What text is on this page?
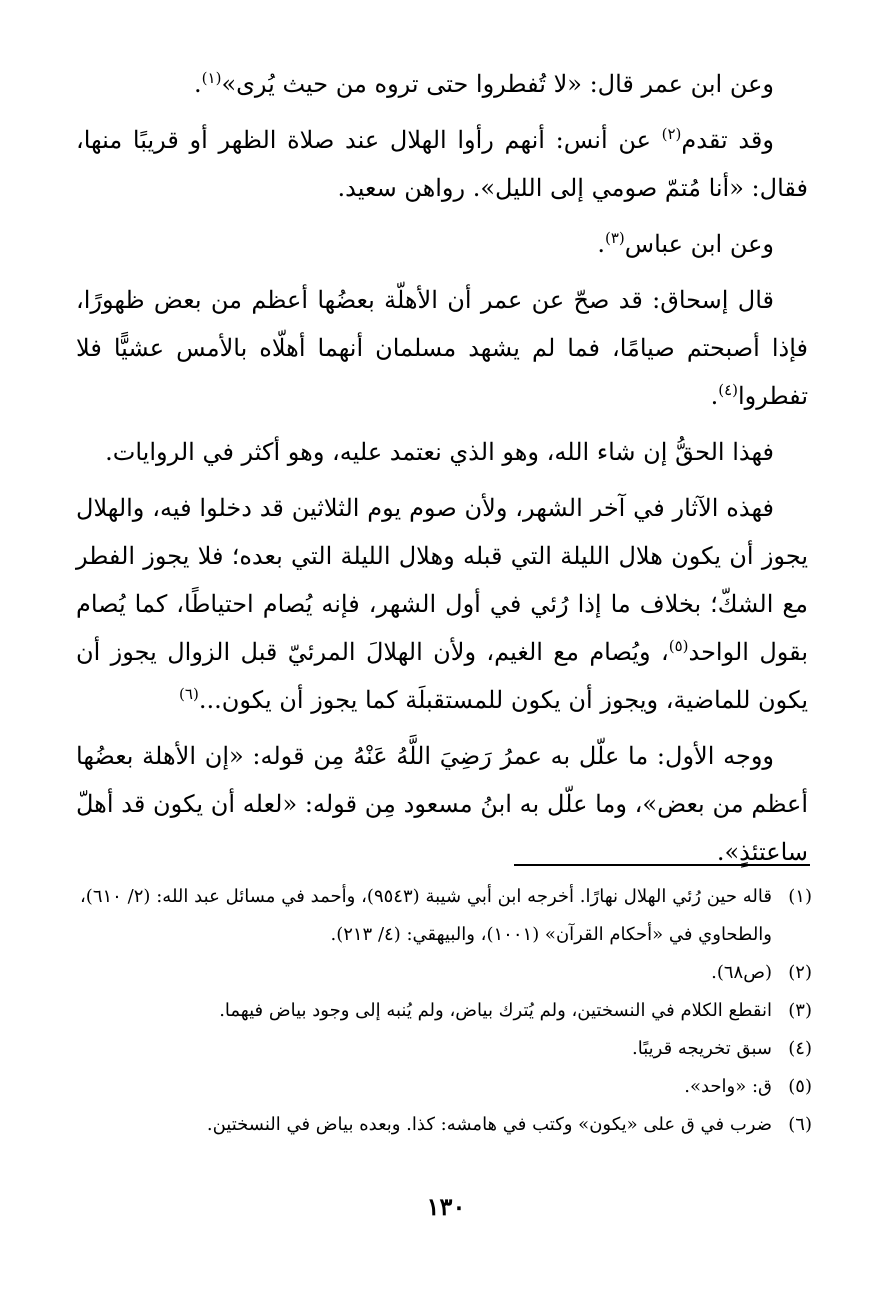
وعن ابن عمر قال: «لا تُفطروا حتى تروه من حيث يُرى»$^{(١)}$.

وقد تقدم$^{(٢)}$ عن أنس: أنهم رأوا الهلال عند صلاة الظهر أو قريبًا منها، فقال: «أنا مُتمّ صومي إلى الليل». رواهن سعيد.

وعن ابن عباس$^{(٣)}$.

قال إسحاق: قد صحّ عن عمر أن الأهلّة بعضُها أعظم من بعض ظهورًا، فإذا أصبحتم صيامًا، فما لم يشهد مسلمان أنهما أهلّاه بالأمس عشيًّا فلا تفطروا$^{(٤)}$.

فهذا الحقُّ إن شاء الله، وهو الذي نعتمد عليه، وهو أكثر في الروايات.

فهذه الآثار في آخر الشهر، ولأن صوم يوم الثلاثين قد دخلوا فيه، والهلال يجوز أن يكون هلال الليلة التي قبله وهلال الليلة التي بعده؛ فلا يجوز الفطر مع الشكّ؛ بخلاف ما إذا رُئي في أول الشهر، فإنه يُصام احتياطًا، كما يُصام بقول الواحد$^{(٥)}$، ويُصام مع الغيم، ولأن الهلالَ المرئيّ قبل الزوال يجوز أن يكون للماضية، ويجوز أن يكون للمستقبلَة كما يجوز أن يكون...$^{(٦)}$

ووجه الأول: ما علّل به عمرُ رَضِيَ اللَّهُ عَنْهُ مِن قوله: «إن الأهلة بعضُها أعظم من بعض»، وما علّل به ابنُ مسعود مِن قوله: «لعله أن يكون قد أهلّ ساعتئذٍ».

(١)
قاله حين رُئي الهلال نهارًا. أخرجه ابن أبي شيبة (٩٥٤٣)، وأحمد في مسائل عبد الله: (٢/ ٦١٠)، والطحاوي في «أحكام القرآن» (١٠٠١)، والبيهقي: (٤/ ٢١٣).
(٢)
(ص٦٨).
(٣)
انقطع الكلام في النسختين، ولم يُترك بياض، ولم يُنبه إلى وجود بياض فيهما.
(٤)
سبق تخريجه قريبًا.
(٥)
ق: «واحد».
(٦)
ضرب في ق على «يكون» وكتب في هامشه: كذا. وبعده بياض في النسختين.
١٣٠
